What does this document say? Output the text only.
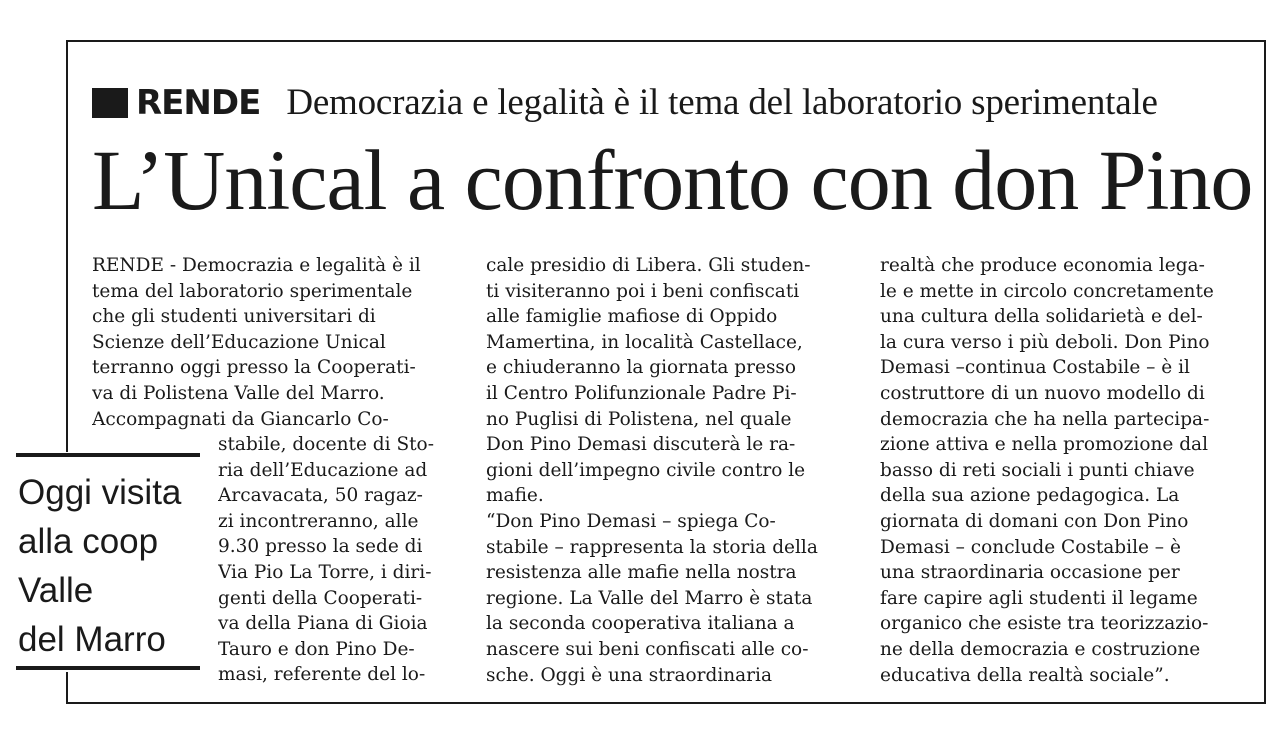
RENDE Democrazia e legalità è il tema del laboratorio sperimentale
L’Unical a confronto con don Pino
RENDE - Democrazia e legalità è il
tema del laboratorio sperimentale
che gli studenti universitari di
Scienze dell’Educazione Unical
terranno oggi presso la Cooperati-
va di Polistena Valle del Marro.
Accompagnati da Giancarlo Co-
stabile, docente di Sto-
ria dell’Educazione ad
Arcavacata, 50 ragaz-
zi incontreranno, alle
9.30 presso la sede di
Via Pio La Torre, i diri-
genti della Cooperati-
va della Piana di Gioia
Tauro e don Pino De-
masi, referente del lo-
cale presidio di Libera. Gli studen-
ti visiteranno poi i beni confiscati
alle famiglie mafiose di Oppido
Mamertina, in località Castellace,
e chiuderanno la giornata presso
il Centro Polifunzionale Padre Pi-
no Puglisi di Polistena, nel quale
Don Pino Demasi discuterà le ra-
gioni dell’impegno civile contro le
mafie.
“Don Pino Demasi – spiega Co-
stabile – rappresenta la storia della
resistenza alle mafie nella nostra
regione. La Valle del Marro è stata
la seconda cooperativa italiana a
nascere sui beni confiscati alle co-
sche. Oggi è una straordinaria
realtà che produce economia lega-
le e mette in circolo concretamente
una cultura della solidarietà e del-
la cura verso i più deboli. Don Pino
Demasi –continua Costabile – è il
costruttore di un nuovo modello di
democrazia che ha nella partecipa-
zione attiva e nella promozione dal
basso di reti sociali i punti chiave
della sua azione pedagogica. La
giornata di domani con Don Pino
Demasi – conclude Costabile – è
una straordinaria occasione per
fare capire agli studenti il legame
organico che esiste tra teorizzazio-
ne della democrazia e costruzione
educativa della realtà sociale”.
Oggi visita
alla coop
Valle
del Marro
